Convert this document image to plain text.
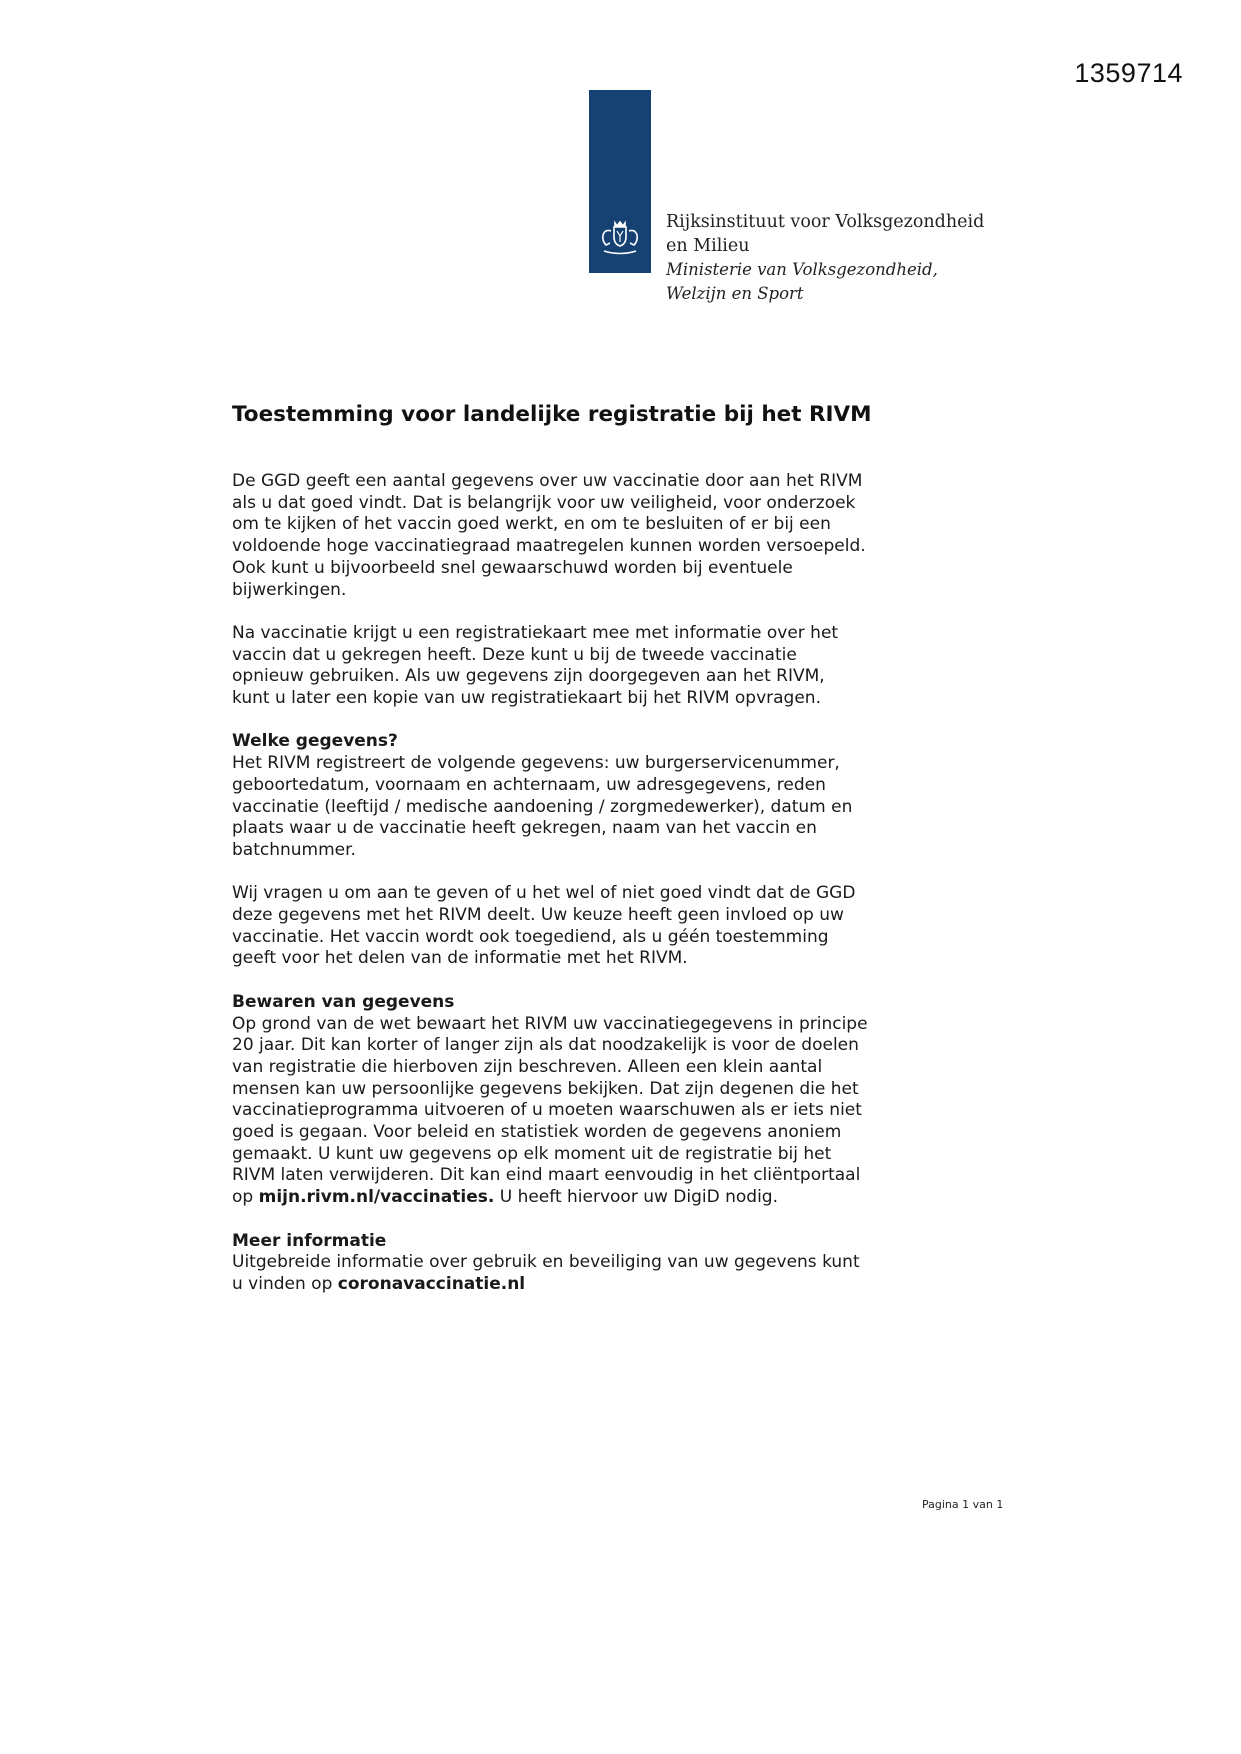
1359714
Rijksinstituut voor Volksgezondheid
en Milieu
Ministerie van Volksgezondheid,
Welzijn en Sport
Toestemming voor landelijke registratie bij het RIVM

De GGD geeft een aantal gegevens over uw vaccinatie door aan het RIVM
als u dat goed vindt. Dat is belangrijk voor uw veiligheid, voor onderzoek
om te kijken of het vaccin goed werkt, en om te besluiten of er bij een
voldoende hoge vaccinatiegraad maatregelen kunnen worden versoepeld.
Ook kunt u bijvoorbeeld snel gewaarschuwd worden bij eventuele
bijwerkingen.

Na vaccinatie krijgt u een registratiekaart mee met informatie over het
vaccin dat u gekregen heeft. Deze kunt u bij de tweede vaccinatie
opnieuw gebruiken. Als uw gegevens zijn doorgegeven aan het RIVM,
kunt u later een kopie van uw registratiekaart bij het RIVM opvragen.

Welke gegevens?
Het RIVM registreert de volgende gegevens: uw burgerservicenummer,
geboortedatum, voornaam en achternaam, uw adresgegevens, reden
vaccinatie (leeftijd / medische aandoening / zorgmedewerker), datum en
plaats waar u de vaccinatie heeft gekregen, naam van het vaccin en
batchnummer.

Wij vragen u om aan te geven of u het wel of niet goed vindt dat de GGD
deze gegevens met het RIVM deelt. Uw keuze heeft geen invloed op uw
vaccinatie. Het vaccin wordt ook toegediend, als u géén toestemming
geeft voor het delen van de informatie met het RIVM.

Bewaren van gegevens
Op grond van de wet bewaart het RIVM uw vaccinatiegegevens in principe
20 jaar. Dit kan korter of langer zijn als dat noodzakelijk is voor de doelen
van registratie die hierboven zijn beschreven. Alleen een klein aantal
mensen kan uw persoonlijke gegevens bekijken. Dat zijn degenen die het
vaccinatieprogramma uitvoeren of u moeten waarschuwen als er iets niet
goed is gegaan. Voor beleid en statistiek worden de gegevens anoniem
gemaakt. U kunt uw gegevens op elk moment uit de registratie bij het
RIVM laten verwijderen. Dit kan eind maart eenvoudig in het cliëntportaal
op mijn.rivm.nl/vaccinaties. U heeft hiervoor uw DigiD nodig.

Meer informatie
Uitgebreide informatie over gebruik en beveiliging van uw gegevens kunt
u vinden op coronavaccinatie.nl

Pagina 1 van 1
